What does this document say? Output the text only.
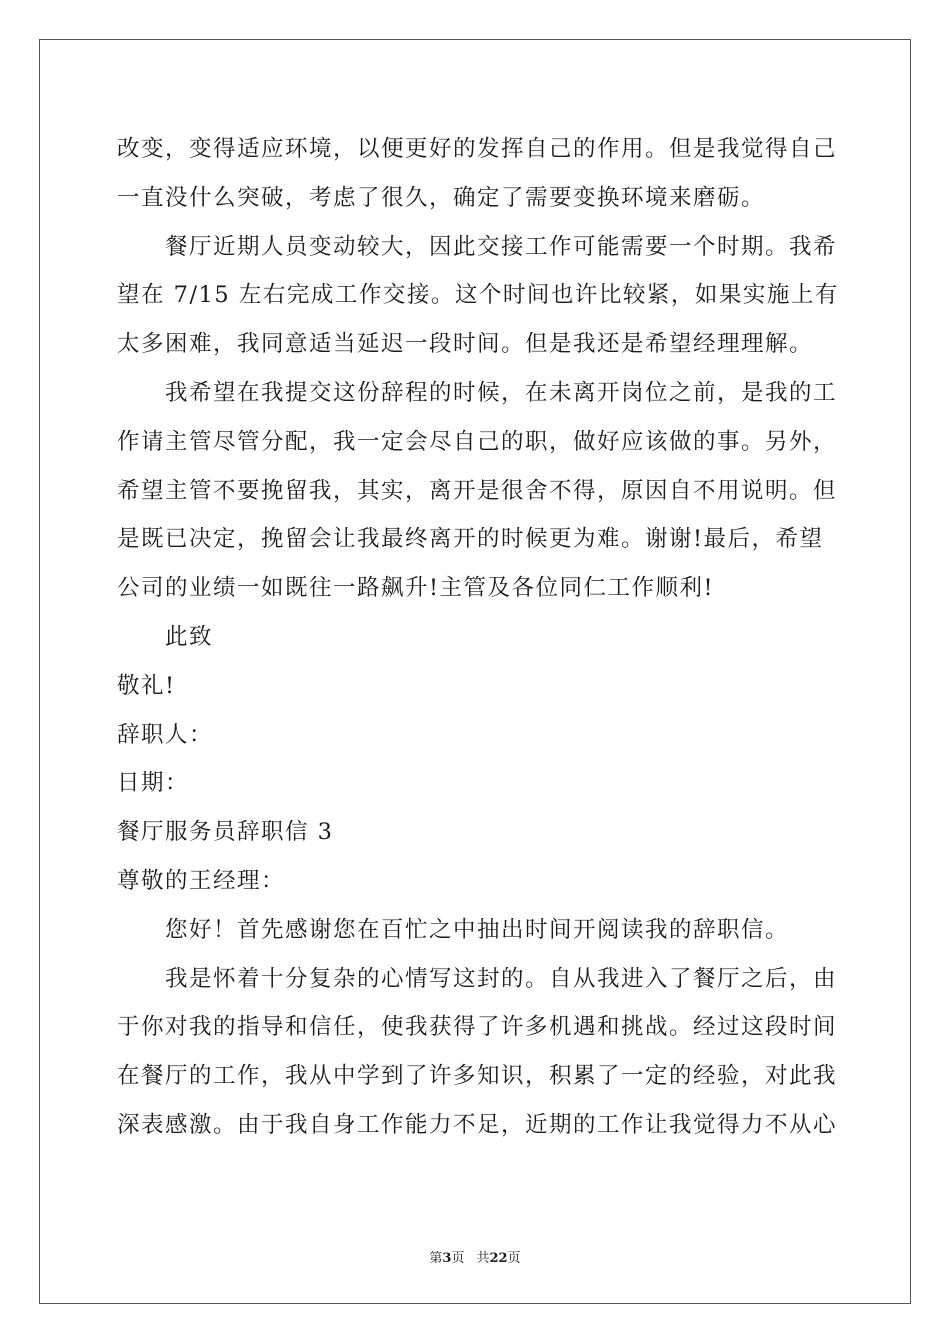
改变，变得适应环境，以便更好的发挥自己的作用。但是我觉得自己
一直没什么突破，考虑了很久，确定了需要变换环境来磨砺。
餐厅近期人员变动较大，因此交接工作可能需要一个时期。我希
望在 7/15 左右完成工作交接。这个时间也许比较紧，如果实施上有
太多困难，我同意适当延迟一段时间。但是我还是希望经理理解。
我希望在我提交这份辞程的时候，在未离开岗位之前，是我的工
作请主管尽管分配，我一定会尽自己的职，做好应该做的事。另外，
希望主管不要挽留我，其实，离开是很舍不得，原因自不用说明。但
是既已决定，挽留会让我最终离开的时候更为难。谢谢!最后，希望
公司的业绩一如既往一路飙升!主管及各位同仁工作顺利!
此致
敬礼!
辞职人：
日期：
餐厅服务员辞职信 3
尊敬的王经理：
您好！首先感谢您在百忙之中抽出时间开阅读我的辞职信。
我是怀着十分复杂的心情写这封的。自从我进入了餐厅之后，由
于你对我的指导和信任，使我获得了许多机遇和挑战。经过这段时间
在餐厅的工作，我从中学到了许多知识，积累了一定的经验，对此我
深表感激。由于我自身工作能力不足，近期的工作让我觉得力不从心
第3页 共22页
